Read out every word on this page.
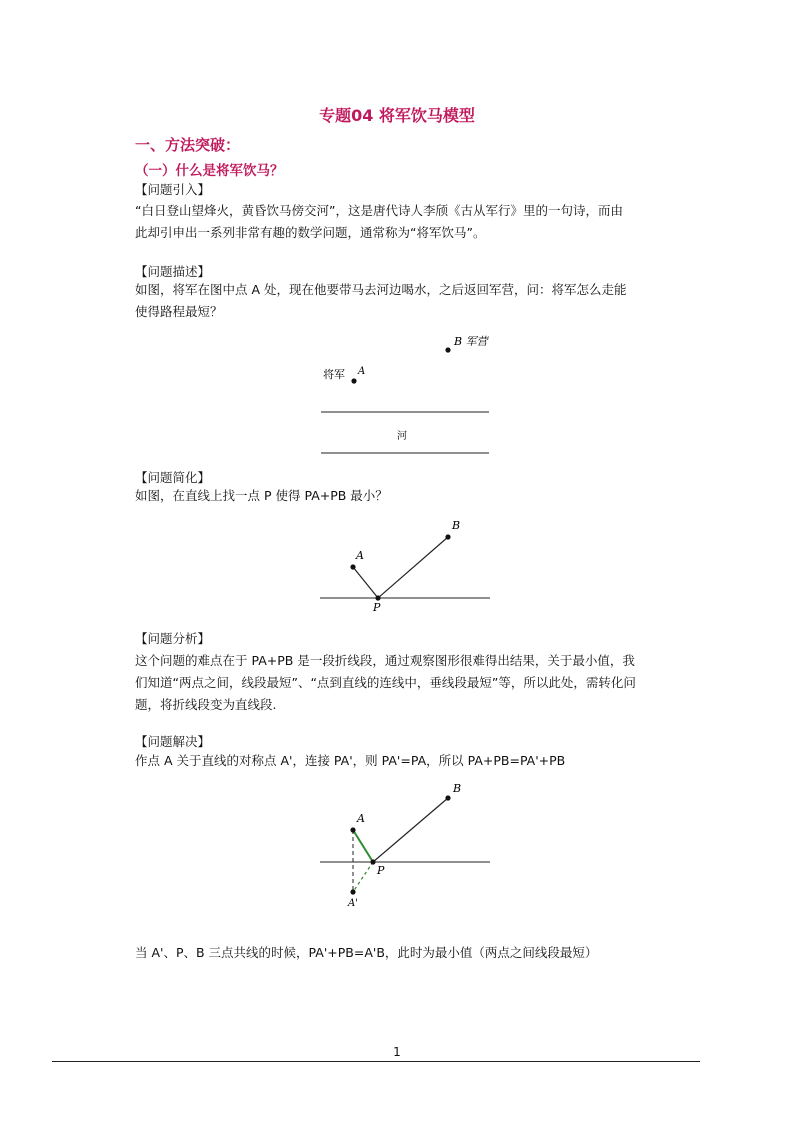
专题04 将军饮马模型
一、方法突破：
（一）什么是将军饮马？
【问题引入】

“白日登山望烽火，黄昏饮马傍交河”，这是唐代诗人李颀《古从军行》里的一句诗，而由

此却引申出一系列非常有趣的数学问题，通常称为“将军饮马”。

【问题描述】

如图，将军在图中点 A 处，现在他要带马去河边喝水，之后返回军营，问：将军怎么走能

使得路程最短？

B 军营
将军 A
河
【问题简化】

如图，在直线上找一点 P 使得 PA+PB 最小？

A
B
P
【问题分析】

这个问题的难点在于 PA+PB 是一段折线段，通过观察图形很难得出结果，关于最小值，我

们知道“两点之间，线段最短”、“点到直线的连线中，垂线段最短”等，所以此处，需转化问

题，将折线段变为直线段.

【问题解决】

作点 A 关于直线的对称点 A'，连接 PA'，则 PA'=PA，所以 PA+PB=PA'+PB

A
B
P
A'

当 A'、P、B 三点共线的时候，PA'+PB=A'B，此时为最小值（两点之间线段最短）

1
